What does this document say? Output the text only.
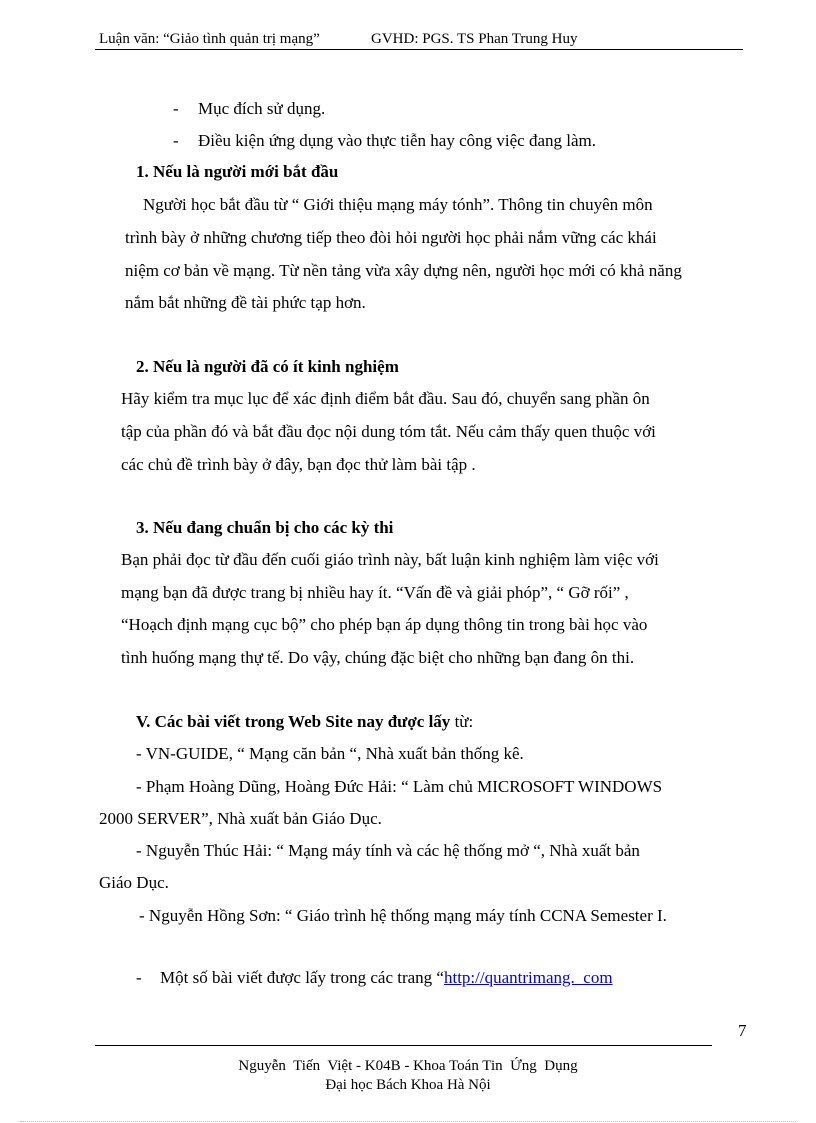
Luận văn: “Giảo tình quản trị mạng”	GVHD: PGS. TS Phan Trung Huy
- Mục đích sử dụng.
- Điều kiện ứng dụng vào thực tiễn hay công việc đang làm.
1. Nếu là người mới bắt đầu
Người học bắt đầu từ “ Giới thiệu mạng máy tónh”. Thông tin chuyên môn
trình bày ở những chương tiếp theo đòi hỏi người học phải nắm vững các khái
niệm cơ bản về mạng. Từ nền tảng vừa xây dựng nên, người học mới có khả năng
nắm bắt những đề tài phức tạp hơn.
2. Nếu là người đã có ít kinh nghiệm
Hãy kiểm tra mục lục để xác định điểm bắt đầu. Sau đó, chuyển sang phần ôn
tập của phần đó và bắt đầu đọc nội dung tóm tắt. Nếu cảm thấy quen thuộc với
các chủ đề trình bày ở đây, bạn đọc thử làm bài tập .
3. Nếu đang chuẩn bị cho các kỳ thi
Bạn phải đọc từ đầu đến cuối giáo trình này, bất luận kinh nghiệm làm việc với
mạng bạn đã được trang bị nhiều hay ít. “Vấn đề và giải phóp”, “ Gỡ rối” ,
“Hoạch định mạng cục bộ” cho phép bạn áp dụng thông tin trong bài học vào
tình huống mạng thự tế. Do vậy, chúng đặc biệt cho những bạn đang ôn thi.
V. Các bài viết trong Web Site nay được lấy từ:
- VN-GUIDE, “ Mạng căn bản “, Nhà xuất bản thống kê.
- Phạm Hoàng Dũng, Hoàng Đức Hải: “ Làm chủ MICROSOFT WINDOWS
2000 SERVER”, Nhà xuất bản Giáo Dục.
- Nguyễn Thúc Hải: “ Mạng máy tính và các hệ thống mở “, Nhà xuất bản
Giáo Dục.
- Nguyễn Hồng Sơn: “ Giáo trình hệ thống mạng máy tính CCNA Semester I.
- Một số bài viết được lấy trong các trang “http://quantrimang.  com
7
Nguyễn  Tiến  Việt - K04B - Khoa Toán Tin  Ứng  Dụng
Đại học Bách Khoa Hà Nội
